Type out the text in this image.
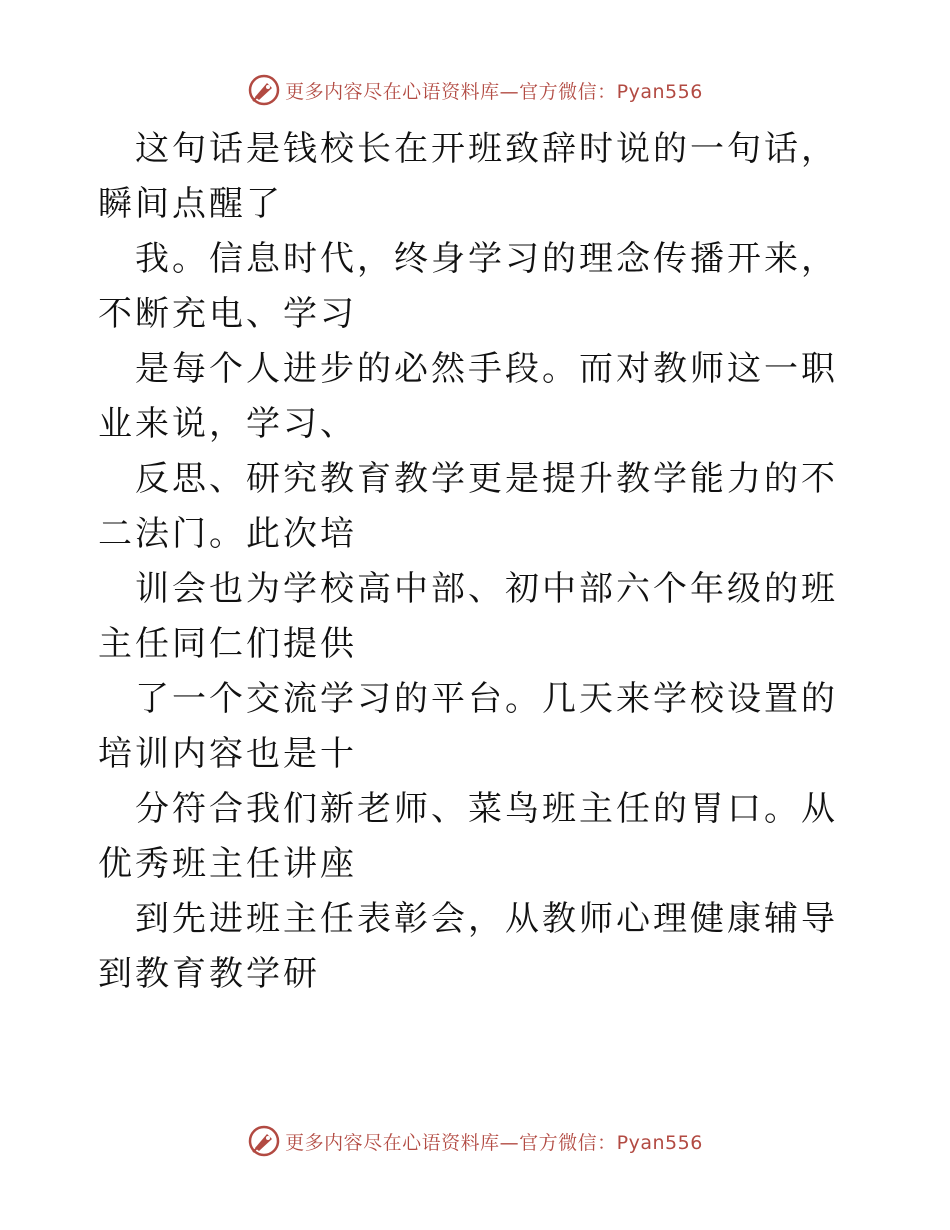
更多内容尽在心语资料库—官方微信：Pyan556

这句话是钱校长在开班致辞时说的一句话，瞬间点醒了

我。信息时代，终身学习的理念传播开来，不断充电、学习

是每个人进步的必然手段。而对教师这一职业来说，学习、

反思、研究教育教学更是提升教学能力的不二法门。此次培

训会也为学校高中部、初中部六个年级的班主任同仁们提供

了一个交流学习的平台。几天来学校设置的培训内容也是十

分符合我们新老师、菜鸟班主任的胃口。从优秀班主任讲座

到先进班主任表彰会，从教师心理健康辅导到教育教学研

更多内容尽在心语资料库—官方微信：Pyan556
